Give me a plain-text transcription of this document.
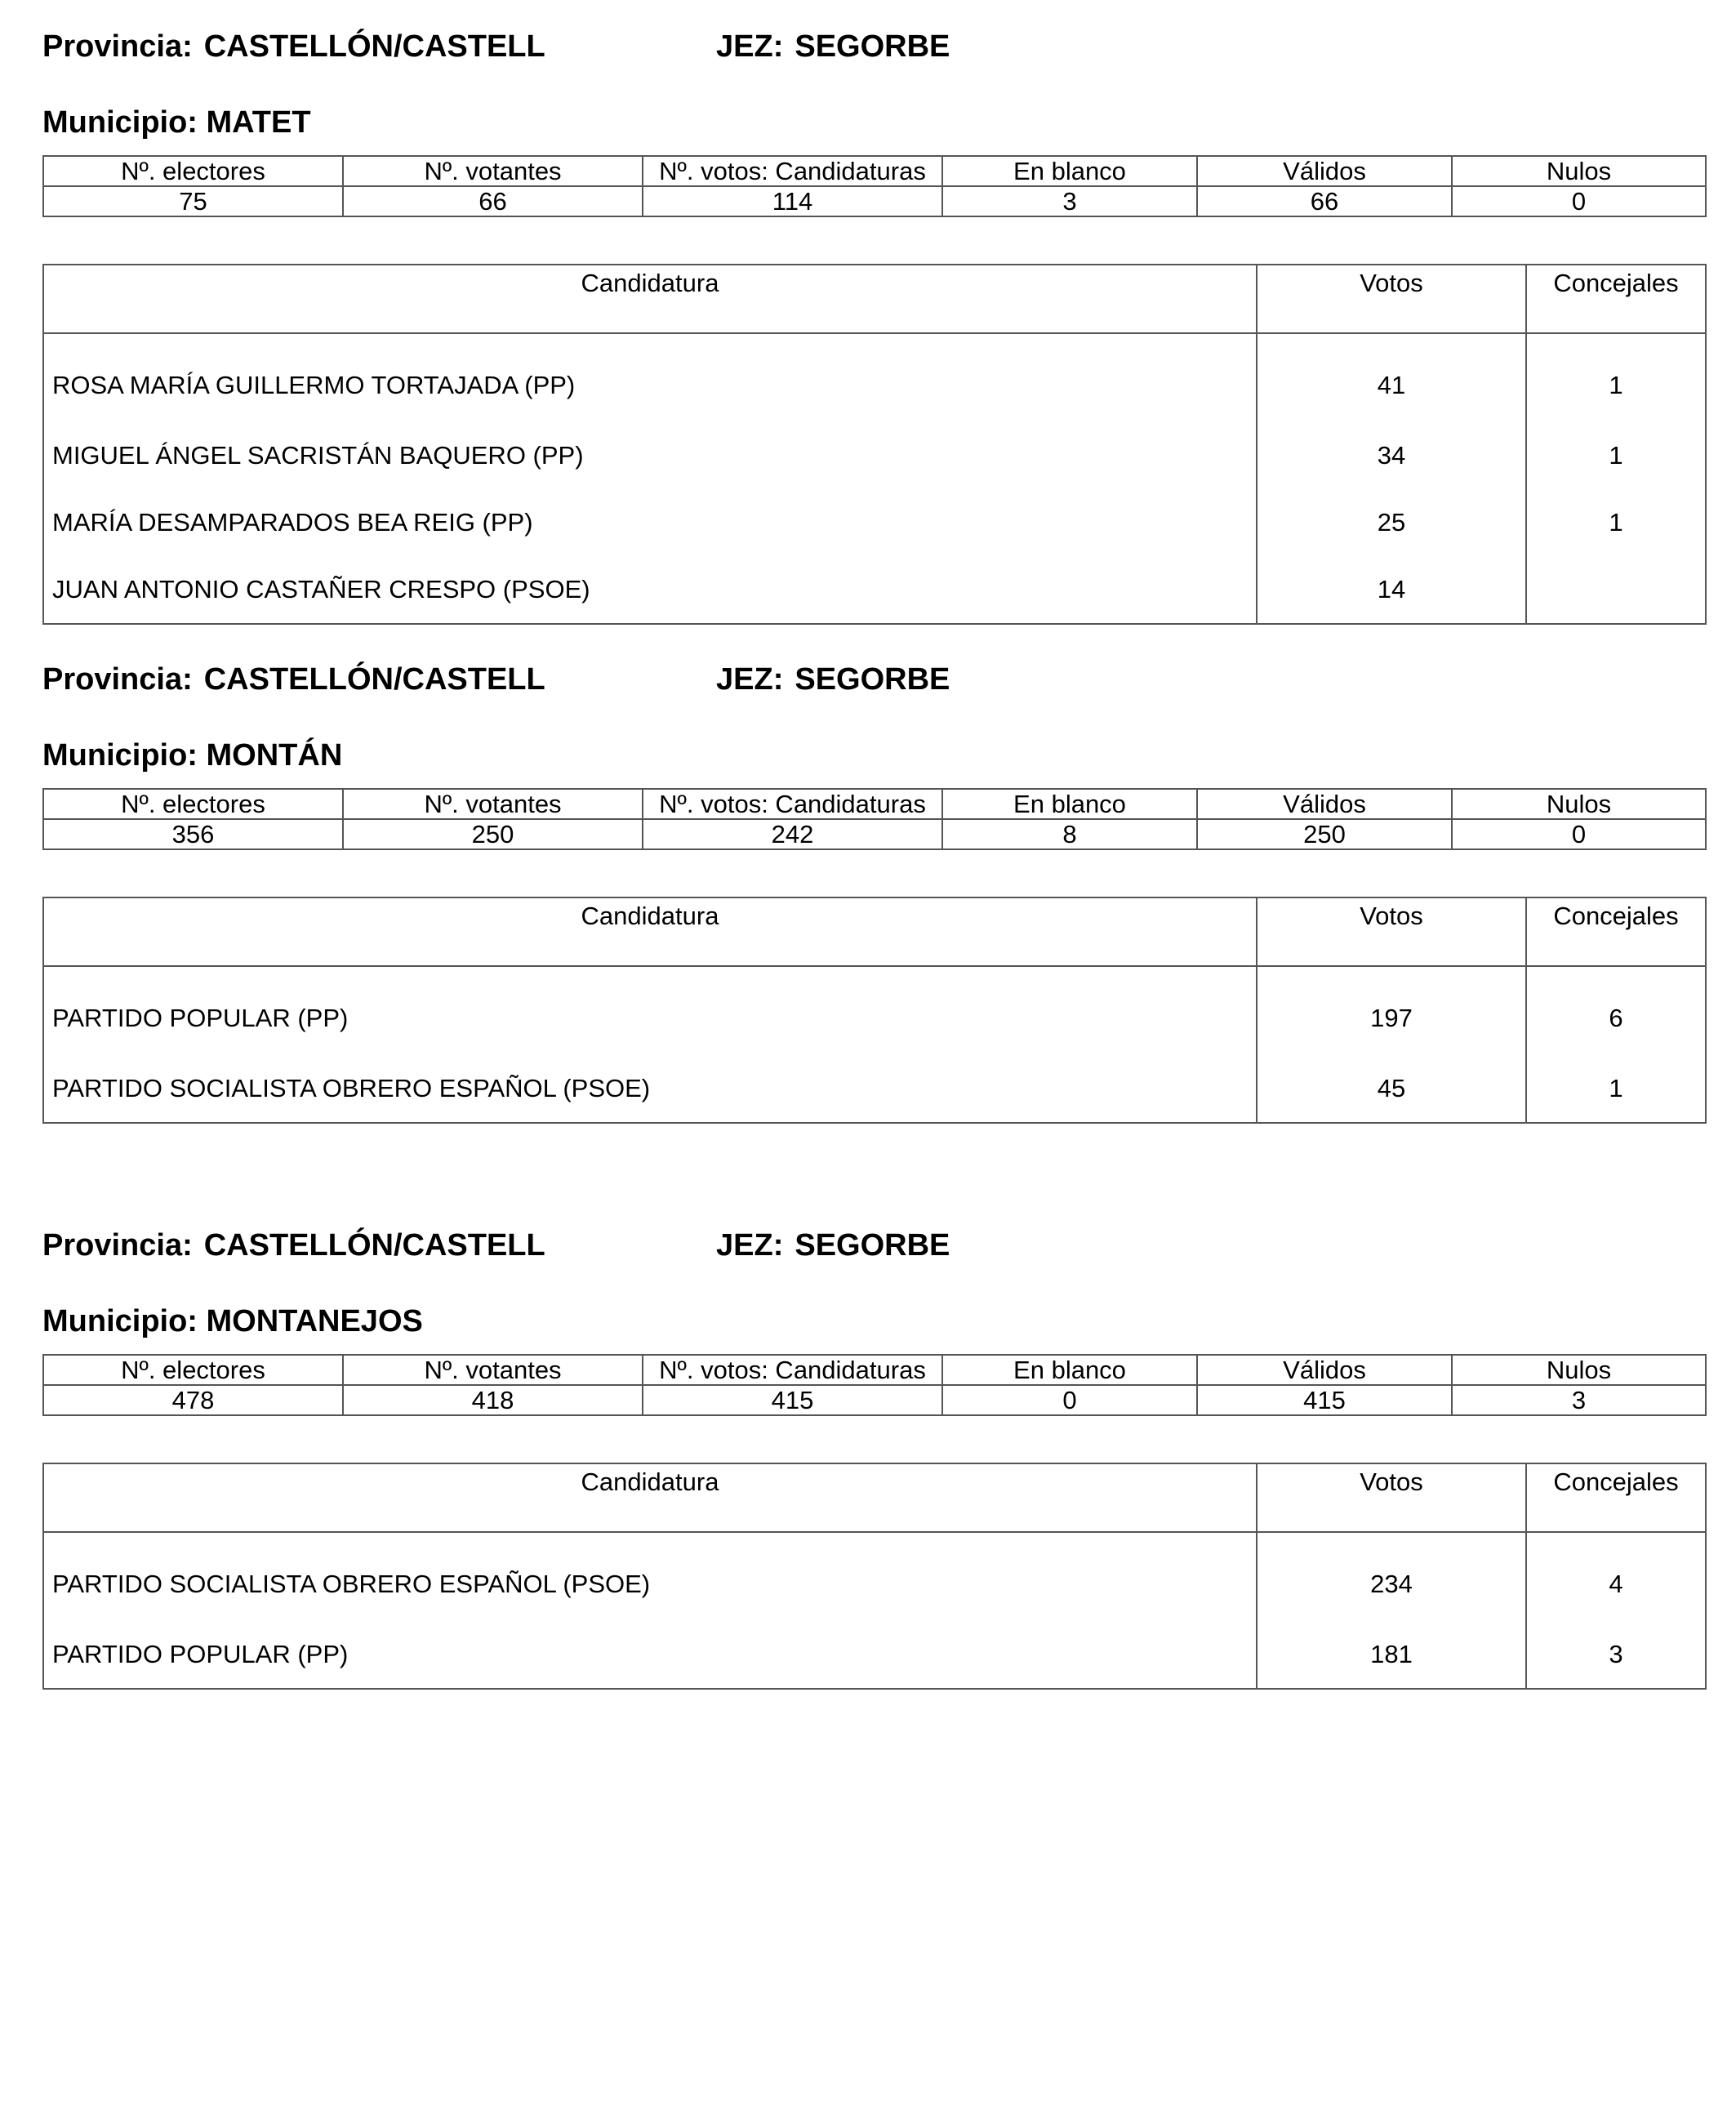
Provincia: CASTELLÓN/CASTELL	JEZ: SEGORBE
Municipio: MATET
Nº. electores	Nº. votantes	Nº. votos: Candidaturas	En blanco	Válidos	Nulos
75	66	114	3	66	0
Candidatura	Votos	Concejales
ROSA MARÍA GUILLERMO TORTAJADA (PP)	41	1
MIGUEL ÁNGEL SACRISTÁN BAQUERO (PP)	34	1
MARÍA DESAMPARADOS BEA REIG (PP)	25	1
JUAN ANTONIO CASTAÑER CRESPO (PSOE)	14	
Provincia: CASTELLÓN/CASTELL	JEZ: SEGORBE
Municipio: MONTÁN
Nº. electores	Nº. votantes	Nº. votos: Candidaturas	En blanco	Válidos	Nulos
356	250	242	8	250	0
Candidatura	Votos	Concejales
PARTIDO POPULAR (PP)	197	6
PARTIDO SOCIALISTA OBRERO ESPAÑOL (PSOE)	45	1
Provincia: CASTELLÓN/CASTELL	JEZ: SEGORBE
Municipio: MONTANEJOS
Nº. electores	Nº. votantes	Nº. votos: Candidaturas	En blanco	Válidos	Nulos
478	418	415	0	415	3
Candidatura	Votos	Concejales
PARTIDO SOCIALISTA OBRERO ESPAÑOL (PSOE)	234	4
PARTIDO POPULAR (PP)	181	3
